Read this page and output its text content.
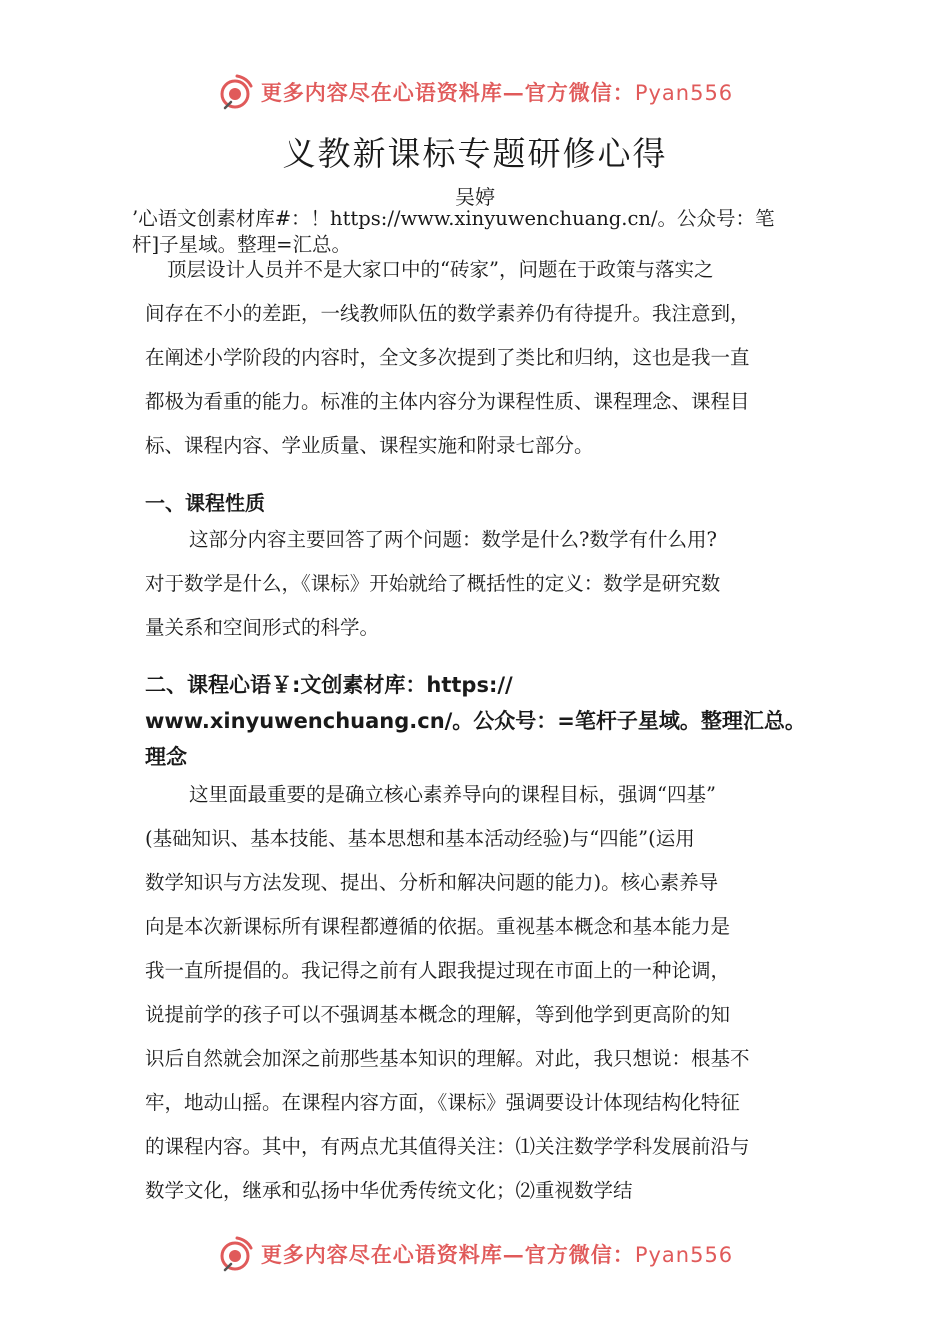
更多内容尽在心语资料库—官方微信：Pyan556
义教新课标专题研修心得
吴婷

’心语文创素材库#：！https://www.xinyuwenchuang.cn/。公众号：笔
杆]子星域。整理=汇总。

顶层设计人员并不是大家口中的“砖家”，问题在于政策与落实之
间存在不小的差距，一线教师队伍的数学素养仍有待提升。我注意到，
在阐述小学阶段的内容时，全文多次提到了类比和归纳，这也是我一直
都极为看重的能力。标准的主体内容分为课程性质、课程理念、课程目
标、课程内容、学业质量、课程实施和附录七部分。
一、课程性质
这部分内容主要回答了两个问题：数学是什么?数学有什么用?
对于数学是什么，《课标》开始就给了概括性的定义：数学是研究数
量关系和空间形式的科学。
二、课程心语￥:文创素材库：https://
www.xinyuwenchuang.cn/。公众号：=笔杆子星域。整理汇总。
理念
这里面最重要的是确立核心素养导向的课程目标，强调“四基”
(基础知识、基本技能、基本思想和基本活动经验)与“四能”(运用
数学知识与方法发现、提出、分析和解决问题的能力)。核心素养导
向是本次新课标所有课程都遵循的依据。重视基本概念和基本能力是
我一直所提倡的。我记得之前有人跟我提过现在市面上的一种论调，
说提前学的孩子可以不强调基本概念的理解，等到他学到更高阶的知
识后自然就会加深之前那些基本知识的理解。对此，我只想说：根基不
牢，地动山摇。在课程内容方面，《课标》强调要设计体现结构化特征
的课程内容。其中，有两点尤其值得关注：⑴关注数学学科发展前沿与
数学文化，继承和弘扬中华优秀传统文化；⑵重视数学结
更多内容尽在心语资料库—官方微信：Pyan556
